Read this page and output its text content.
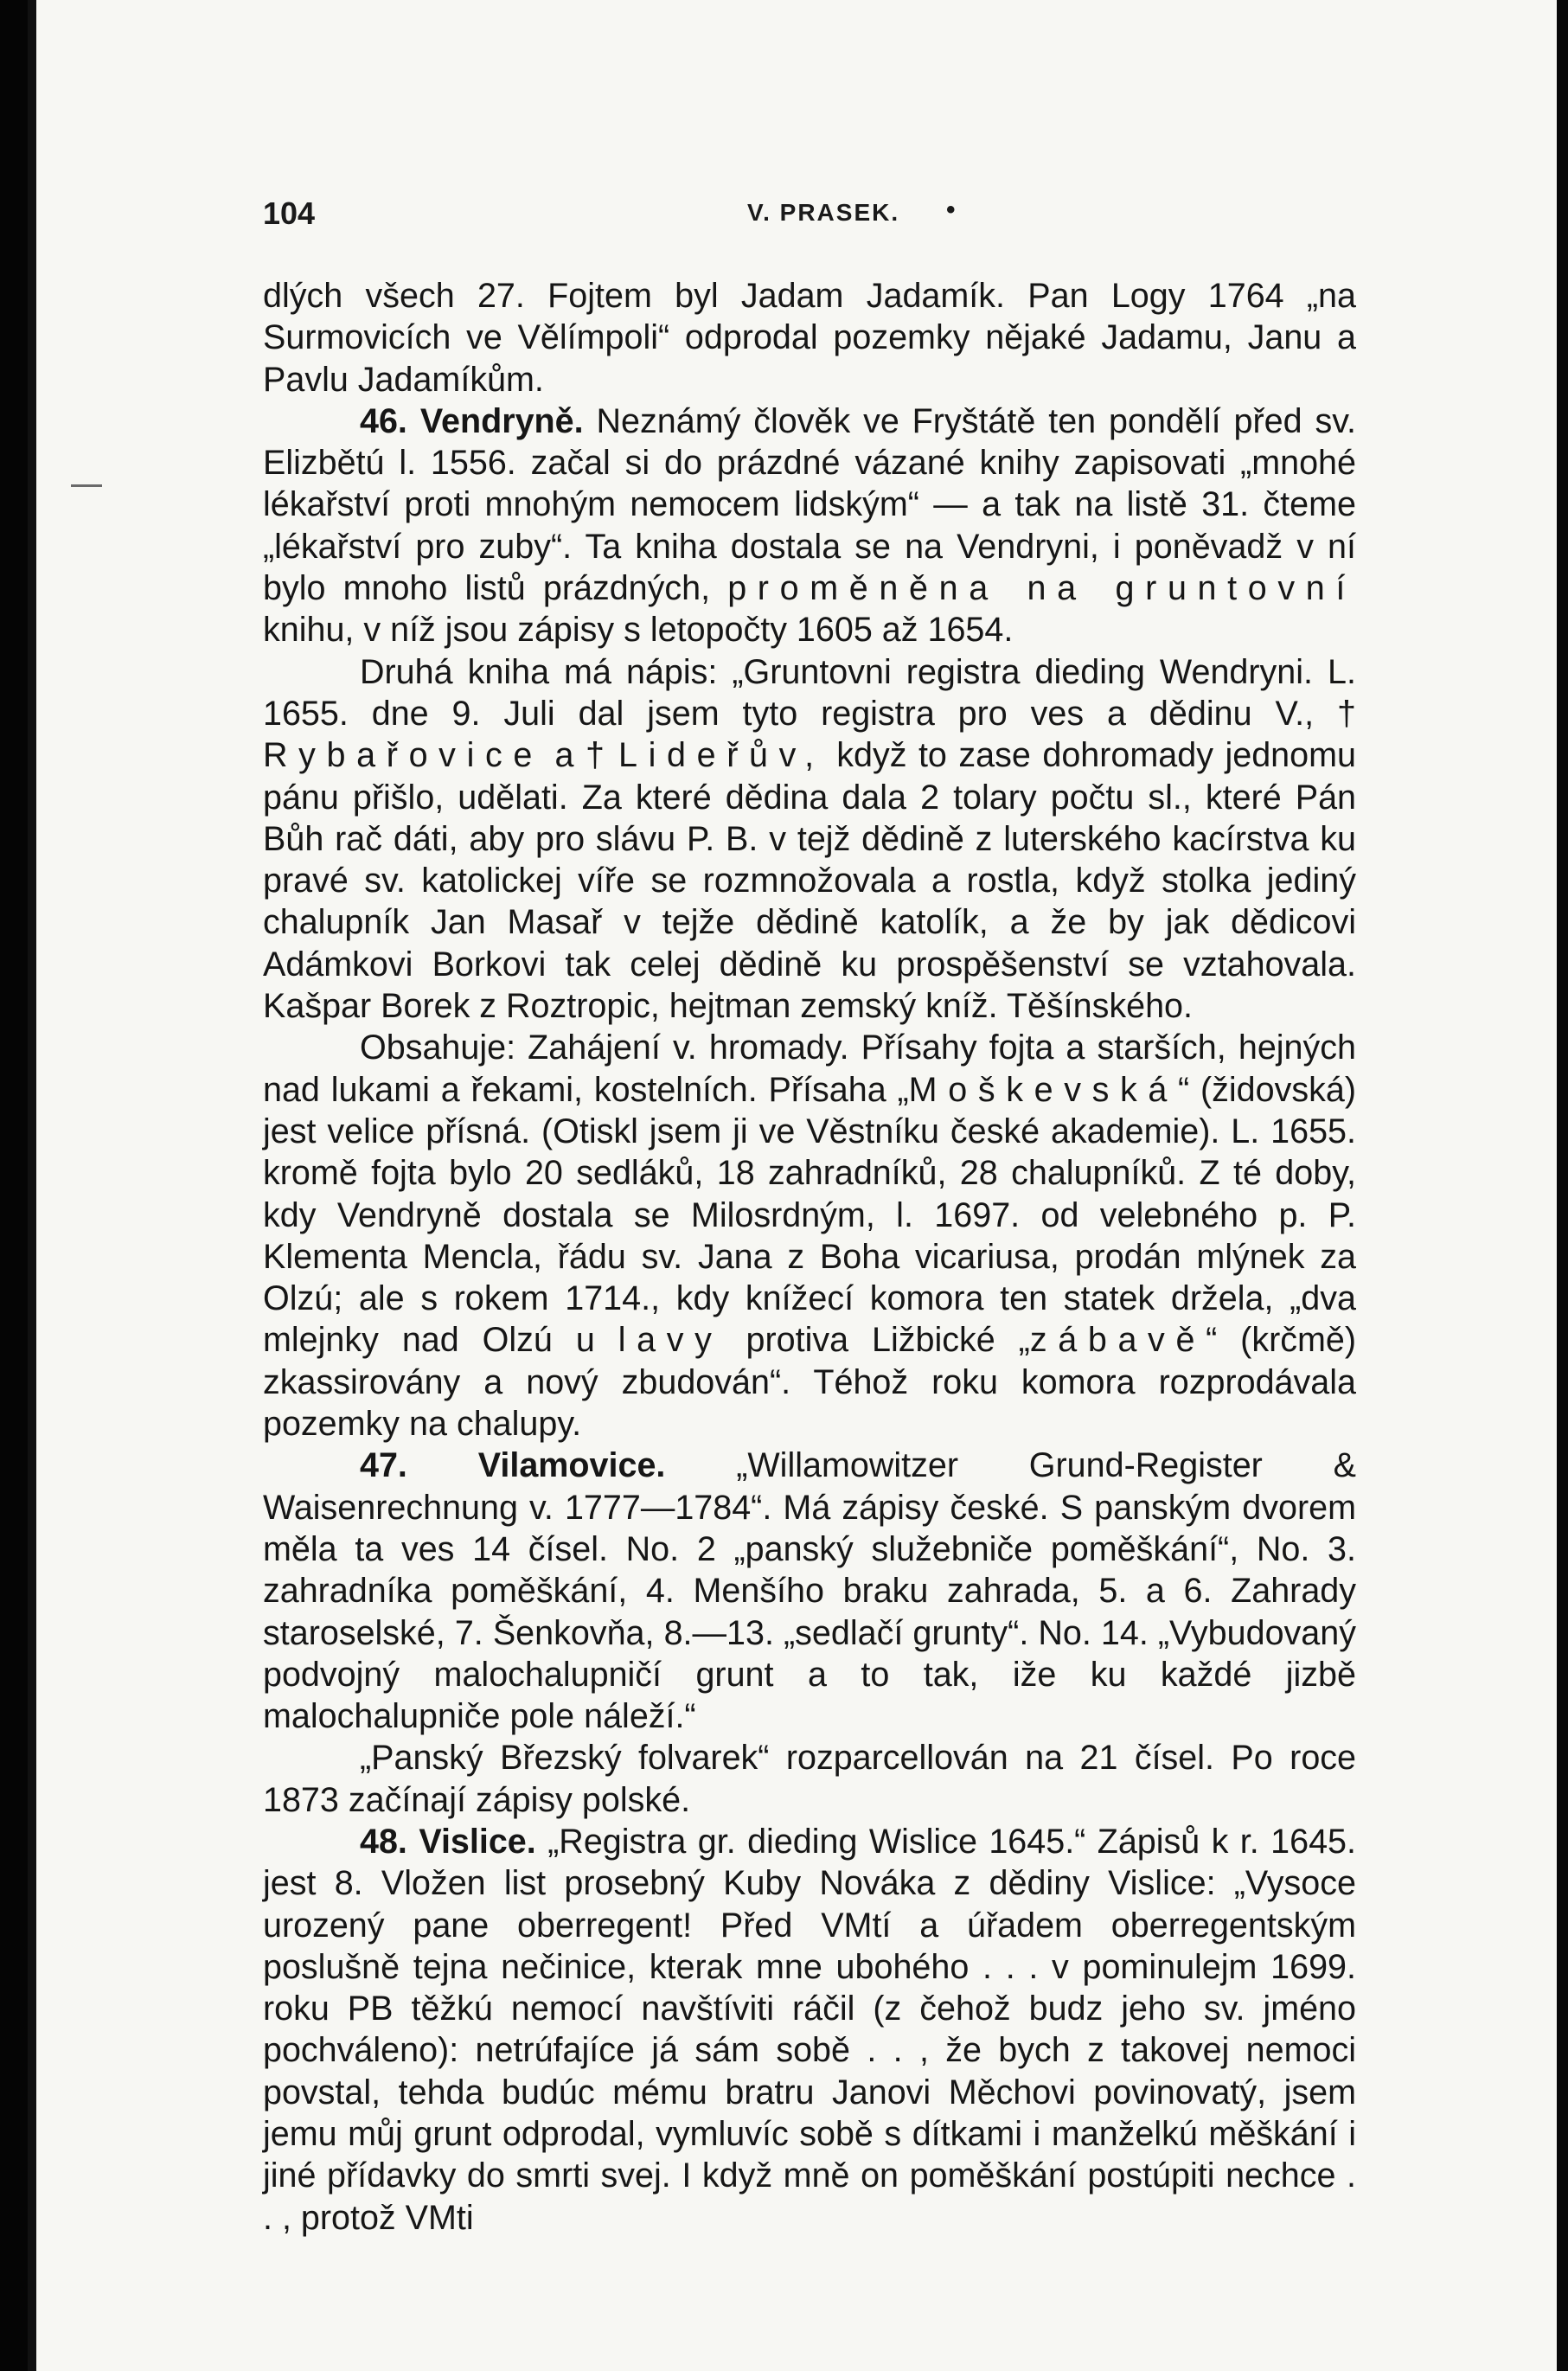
104	V. PRASEK. •

dlých všech 27. Fojtem byl Jadam Jadamík. Pan Logy 1764 „na Surmovicích ve Vělímpoli“ odprodal pozemky nějaké Jadamu, Janu a Pavlu Jadamíkům.

46. Vendryně. Neznámý člověk ve Fryštátě ten pondělí před sv. Elizbětú l. 1556. začal si do prázdné vázané knihy zapisovati „mnohé lékařství proti mnohým nemocem lidským“ — a tak na listě 31. čteme „lékařství pro zuby“. Ta kniha dostala se na Vendryni, i poněvadž v ní bylo mnoho listů prázdných, proměněna na gruntovní knihu, v níž jsou zápisy s letopočty 1605 až 1654.

Druhá kniha má nápis: „Gruntovni registra dieding Wendryni. L. 1655. dne 9. Juli dal jsem tyto registra pro ves a dědinu V., † Rybařovice a † Lideřův, když to zase dohromady jednomu pánu přišlo, udělati. Za které dědina dala 2 tolary počtu sl., které Pán Bůh rač dáti, aby pro slávu P. B. v tejž dědině z luterského kacírstva ku pravé sv. katolickej víře se rozmnožovala a rostla, když stolka jediný chalupník Jan Masař v tejže dědině katolík, a že by jak dědicovi Adámkovi Borkovi tak celej dědině ku prospěšenství se vztahovala. Kašpar Borek z Roztropic, hejtman zemský kníž. Těšínského.

Obsahuje: Zahájení v. hromady. Přísahy fojta a starších, hejných nad lukami a řekami, kostelních. Přísaha „Moškevská“ (židovská) jest velice přísná. (Otiskl jsem ji ve Věstníku české akademie). L. 1655. kromě fojta bylo 20 sedláků, 18 zahradníků, 28 chalupníků. Z té doby, kdy Vendryně dostala se Milosrdným, l. 1697. od velebného p. P. Klementa Mencla, řádu sv. Jana z Boha vicariusa, prodán mlýnek za Olzú; ale s rokem 1714., kdy knížecí komora ten statek držela, „dva mlejnky nad Olzú u lavy protiva Ližbické „zábavě“ (krčmě) zkassirovány a nový zbudován“. Téhož roku komora rozprodávala pozemky na chalupy.

47. Vilamovice. „Willamowitzer Grund-Register & Waisenrechnung v. 1777—1784“. Má zápisy české. S panským dvorem měla ta ves 14 čísel. No. 2 „panský služebniče poměškání“, No. 3. zahradníka poměškání, 4. Menšího braku zahrada, 5. a 6. Zahrady staroselské, 7. Šenkovňa, 8.—13. „sedlačí grunty“. No. 14. „Vybudovaný podvojný malochalupničí grunt a to tak, iže ku každé jizbě malochalupniče pole náleží.“

„Panský Březský folvarek“ rozparcellován na 21 čísel. Po roce 1873 začínají zápisy polské.

48. Vislice. „Registra gr. dieding Wislice 1645.“ Zápisů k r. 1645. jest 8. Vložen list prosebný Kuby Nováka z dědiny Vislice: „Vysoce urozený pane oberregent! Před VMtí a úřadem oberregentským poslušně tejna nečinice, kterak mne ubohého . . . v pominulejm 1699. roku PB těžkú nemocí navštíviti ráčil (z čehož budz jeho sv. jméno pochváleno): netrúfajíce já sám sobě . . , že bych z takovej nemoci povstal, tehda budúc mému bratru Janovi Měchovi povinovatý, jsem jemu můj grunt odprodal, vymluvíc sobě s dítkami i manželkú měškání i jiné přídavky do smrti svej. I když mně on poměškání postúpiti nechce . . , protož VMti
